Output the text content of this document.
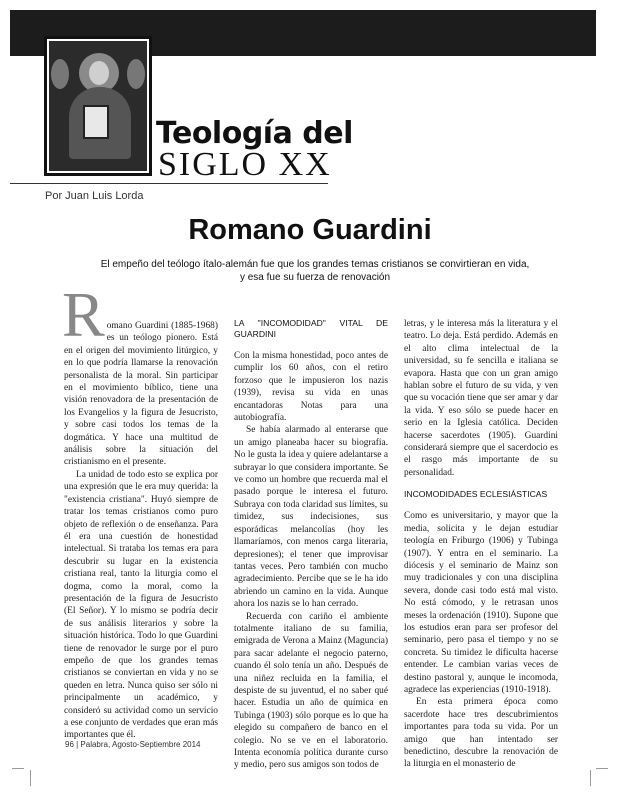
Teología del
SIGLO XX
Por Juan Luis Lorda
Romano Guardini
El empeño del teólogo ítalo-alemán fue que los grandes temas cristianos se convirtieran en vida, y esa fue su fuerza de renovación
R omano Guardini (1885-1968) es un teólogo pionero. Está en el origen del movimiento litúrgico, y en lo que podría llamarse la renovación personalista de la moral. Sin participar en el movimiento bíblico, tiene una visión renovadora de la presentación de los Evangelios y la figura de Jesucristo, y sobre casi todos los temas de la dogmática. Y hace una multitud de análisis sobre la situación del cristianismo en el presente.

La unidad de todo esto se explica por una expresión que le era muy querida: la "existencia cristiana". Huyó siempre de tratar los temas cristianos como puro objeto de reflexión o de enseñanza. Para él era una cuestión de honestidad intelectual. Si trataba los temas era para descubrir su lugar en la existencia cristiana real, tanto la liturgia como el dogma, como la moral, como la presentación de la figura de Jesucristo (El Señor). Y lo mismo se podría decir de sus análisis literarios y sobre la situación histórica. Todo lo que Guardini tiene de renovador le surge por el puro empeño de que los grandes temas cristianos se conviertan en vida y no se queden en letra. Nunca quiso ser sólo ni principalmente un académico, y consideró su actividad como un servicio a ese conjunto de verdades que eran más importantes que él.

LA "INCOMODIDAD" VITAL DE GUARDINI

Con la misma honestidad, poco antes de cumplir los 60 años, con el retiro forzoso que le impusieron los nazis (1939), revisa su vida en unas encantadoras Notas para una autobiografía.

Se había alarmado al enterarse que un amigo planeaba hacer su biografía. No le gusta la idea y quiere adelantarse a subrayar lo que considera importante. Se ve como un hombre que recuerda mal el pasado porque le interesa el futuro. Subraya con toda claridad sus límites, su timidez, sus indecisiones, sus esporádicas melancolías (hoy les llamaríamos, con menos carga literaria, depresiones); el tener que improvisar tantas veces. Pero también con mucho agradecimiento. Percibe que se le ha ido abriendo un camino en la vida. Aunque ahora los nazis se lo han cerrado.

Recuerda con cariño el ambiente totalmente italiano de su familia, emigrada de Verona a Mainz (Maguncia) para sacar adelante el negocio paterno, cuando él solo tenía un año. Después de una niñez recluida en la familia, el despiste de su juventud, el no saber qué hacer. Estudia un año de química en Tubinga (1903) sólo porque es lo que ha elegido su compañero de banco en el colegio. No se ve en el laboratorio. Intenta economía política durante curso y medio, pero sus amigos son todos de

letras, y le interesa más la literatura y el teatro. Lo deja. Está perdido. Además en el alto clima intelectual de la universidad, su fe sencilla e italiana se evapora. Hasta que con un gran amigo hablan sobre el futuro de su vida, y ven que su vocación tiene que ser amar y dar la vida. Y eso sólo se puede hacer en serio en la Iglesia católica. Deciden hacerse sacerdotes (1905). Guardini considerará siempre que el sacerdocio es el rasgo más importante de su personalidad.

INCOMODIDADES ECLESIÁSTICAS

Como es universitario, y mayor que la media, solicita y le dejan estudiar teología en Friburgo (1906) y Tubinga (1907). Y entra en el seminario. La diócesis y el seminario de Mainz son muy tradicionales y con una disciplina severa, donde casi todo está mal visto. No está cómodo, y le retrasan unos meses la ordenación (1910). Supone que los estudios eran para ser profesor del seminario, pero pasa el tiempo y no se concreta. Su timidez le dificulta hacerse entender. Le cambian varias veces de destino pastoral y, aunque le incomoda, agradece las experiencias (1910-1918).

En esta primera época como sacerdote hace tres descubrimientos importantes para toda su vida. Por un amigo que han intentado ser benedictino, descubre la renovación de la liturgia en el monasterio de

96 | Palabra, Agosto-Septiembre 2014
